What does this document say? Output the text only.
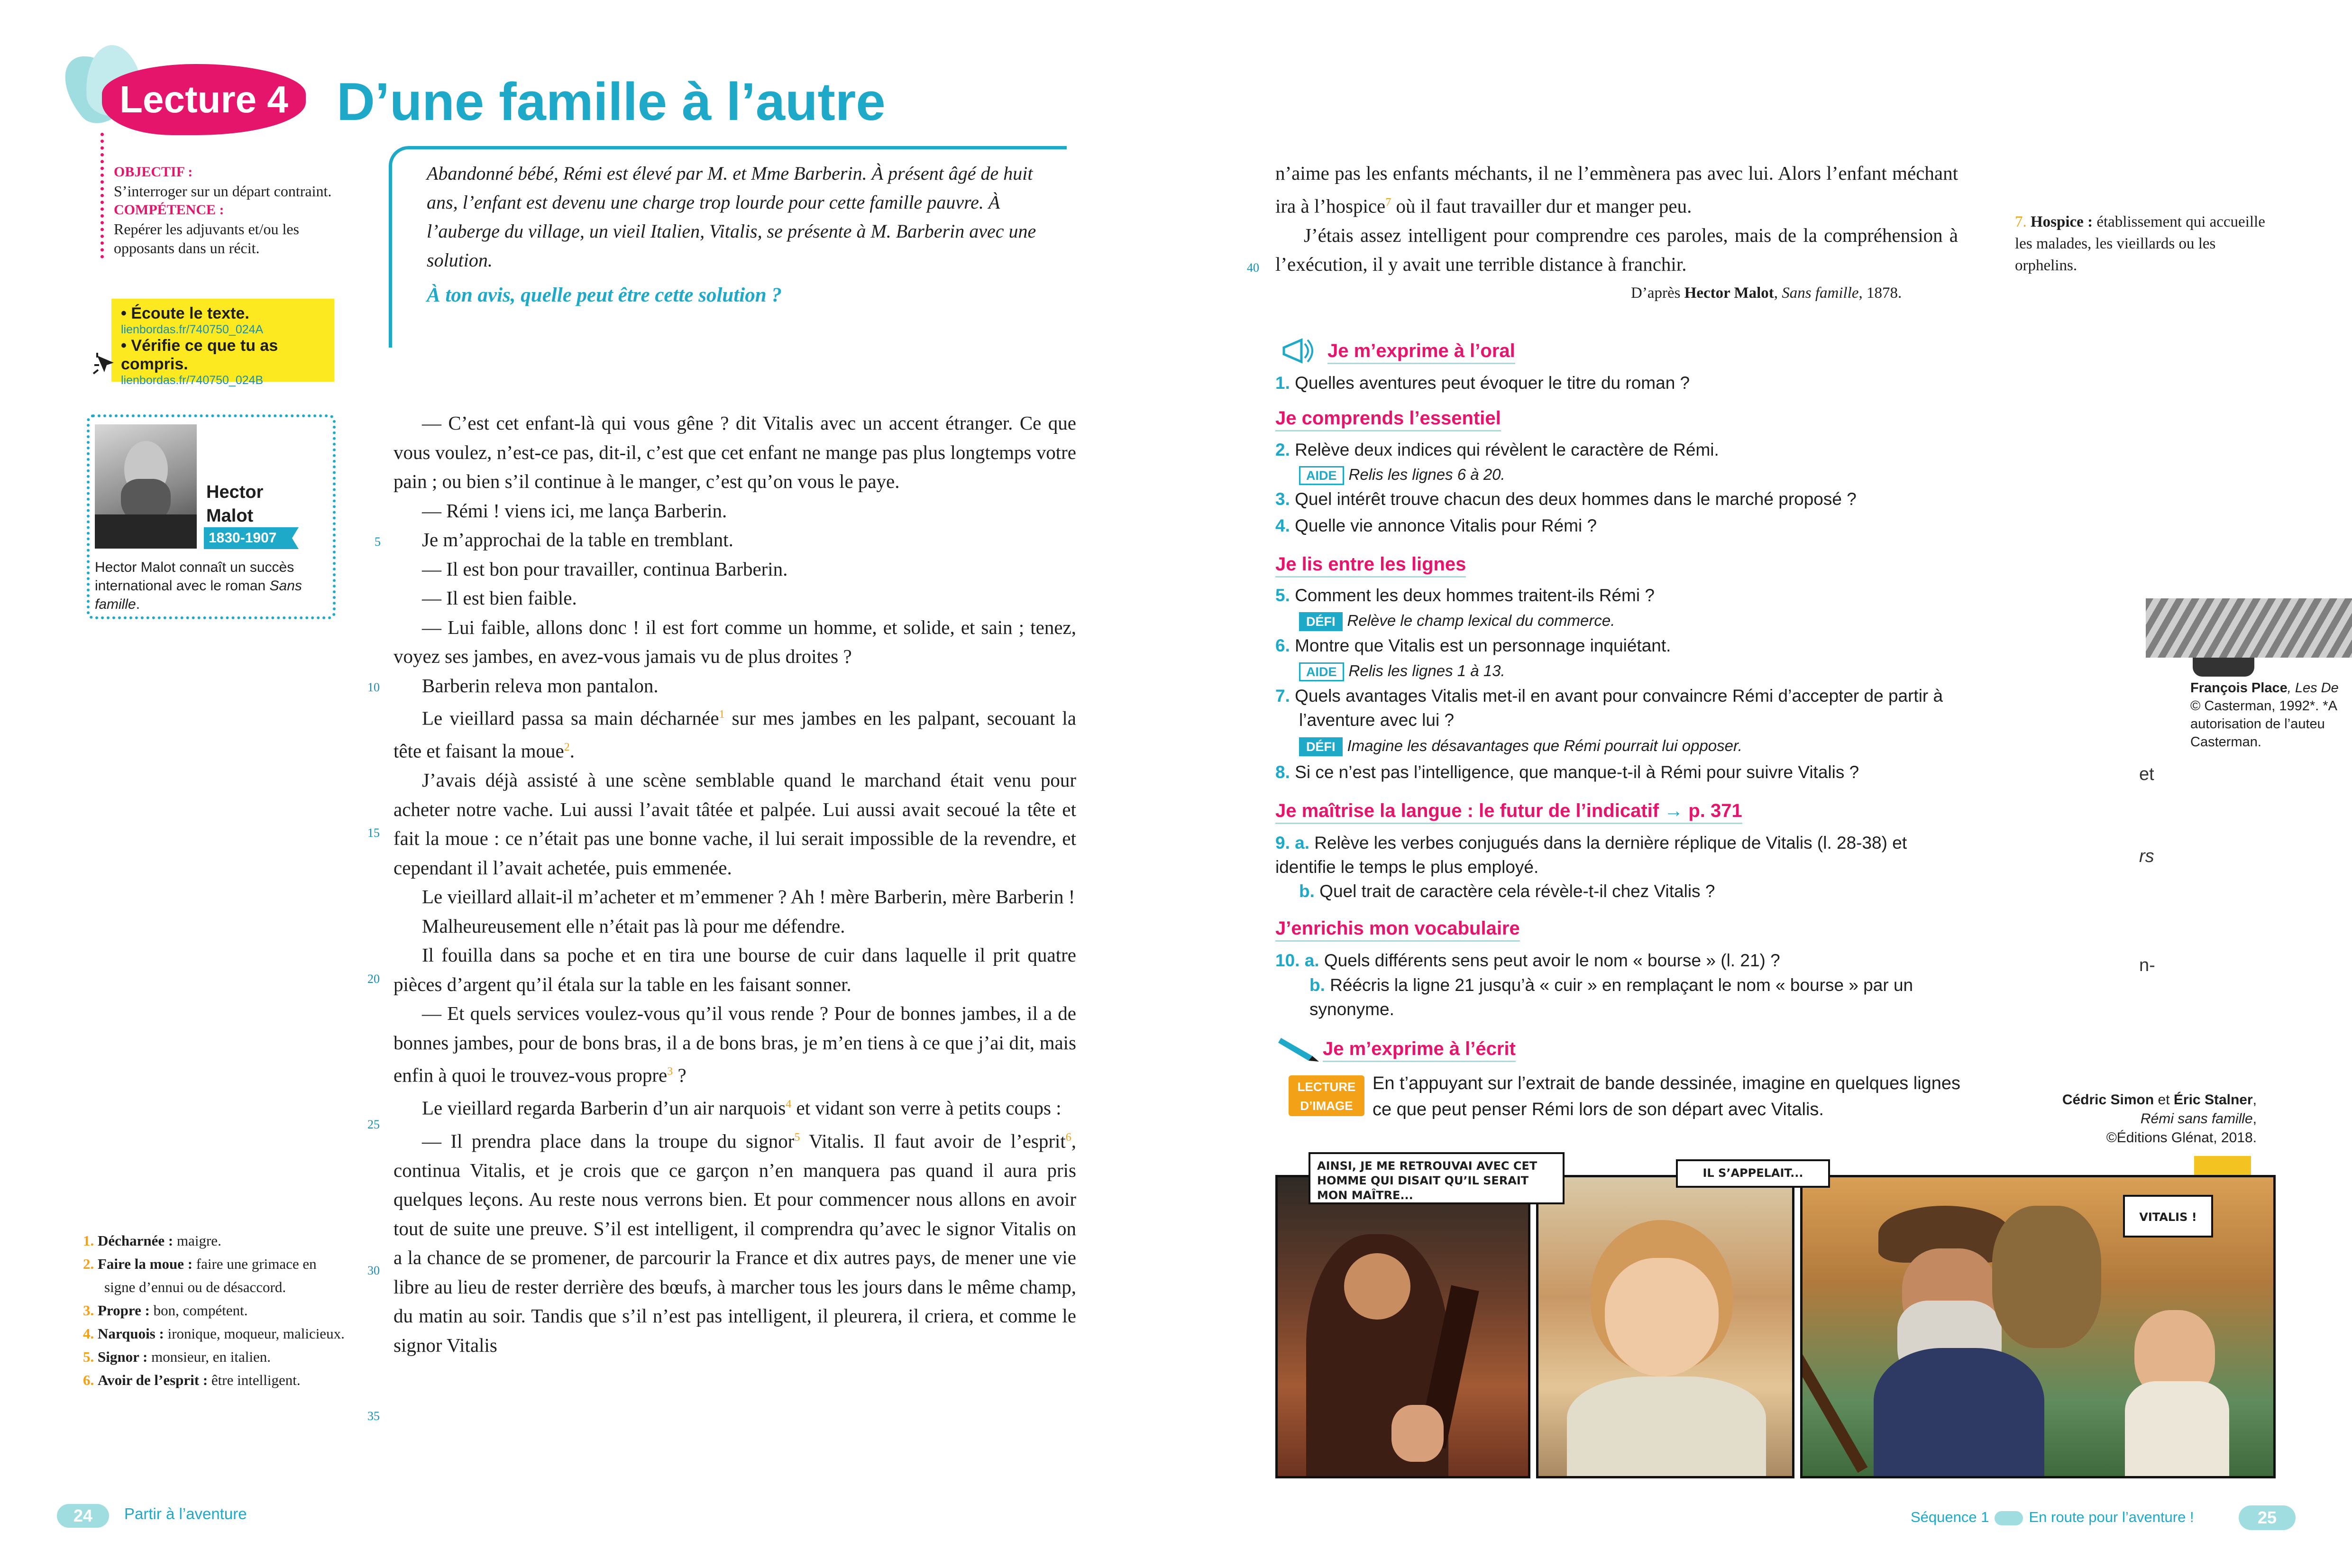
Lecture 4 D’une famille à l’autre
OBJECTIF :
S’interroger sur un départ contraint.
COMPÉTENCE :
Repérer les adjuvants et/ou les opposants dans un récit.
• Écoute le texte.
lienbordas.fr/740750_024A
• Vérifie ce que tu as compris.
lienbordas.fr/740750_024B
Hector Malot
1830-1907
Hector Malot connaît un succès international avec le roman Sans famille.
Abandonné bébé, Rémi est élevé par M. et Mme Barberin. À présent âgé de huit ans, l’enfant est devenu une charge trop lourde pour cette famille pauvre. À l’auberge du village, un vieil Italien, Vitalis, se présente à M. Barberin avec une solution.
À ton avis, quelle peut être cette solution ?

— C’est cet enfant-là qui vous gêne ? dit Vitalis avec un accent étranger. Ce que vous voulez, n’est-ce pas, dit-il, c’est que cet enfant ne mange pas plus longtemps votre pain ; ou bien s’il continue à le manger, c’est qu’on vous le paye.

— Rémi ! viens ici, me lança Barberin.

Je m’approchai de la table en tremblant.

— Il est bon pour travailler, continua Barberin.

— Il est bien faible.

— Lui faible, allons donc ! il est fort comme un homme, et solide, et sain ; tenez, voyez ses jambes, en avez-vous jamais vu de plus droites ?

Barberin releva mon pantalon.

Le vieillard passa sa main décharnée$^1$ sur mes jambes en les palpant, secouant la tête et faisant la moue$^2$.

J’avais déjà assisté à une scène semblable quand le marchand était venu pour acheter notre vache. Lui aussi l’avait tâtée et palpée. Lui aussi avait secoué la tête et fait la moue : ce n’était pas une bonne vache, il lui serait impossible de la revendre, et cependant il l’avait achetée, puis emmenée.

Le vieillard allait-il m’acheter et m’emmener ? Ah ! mère Barberin, mère Barberin !

Malheureusement elle n’était pas là pour me défendre.

Il fouilla dans sa poche et en tira une bourse de cuir dans laquelle il prit quatre pièces d’argent qu’il étala sur la table en les faisant sonner.

— Et quels services voulez-vous qu’il vous rende ? Pour de bonnes jambes, il a de bonnes jambes, pour de bons bras, il a de bons bras, je m’en tiens à ce que j’ai dit, mais enfin à quoi le trouvez-vous propre$^3$ ?

Le vieillard regarda Barberin d’un air narquois$^4$ et vidant son verre à petits coups :

— Il prendra place dans la troupe du signor$^5$ Vitalis. Il faut avoir de l’esprit$^6$, continua Vitalis, et je crois que ce garçon n’en manquera pas quand il aura pris quelques leçons. Au reste nous verrons bien. Et pour commencer nous allons en avoir tout de suite une preuve. S’il est intelligent, il comprendra qu’avec le signor Vitalis on a la chance de se promener, de parcourir la France et dix autres pays, de mener une vie libre au lieu de rester derrière des bœufs, à marcher tous les jours dans le même champ, du matin au soir. Tandis que s’il n’est pas intelligent, il pleurera, il criera, et comme le signor Vitalis

5
10
15
20
25
30
35
1. Décharnée : maigre.
2. Faire la moue : faire une grimace en signe d’ennui ou de désaccord.
3. Propre : bon, compétent.
4. Narquois : ironique, moqueur, malicieux.
5. Signor : monsieur, en italien.
6. Avoir de l’esprit : être intelligent.
24	Partir à l’aventure

n’aime pas les enfants méchants, il ne l’emmènera pas avec lui. Alors l’enfant méchant ira à l’hospice$^7$ où il faut travailler dur et manger peu.

J’étais assez intelligent pour comprendre ces paroles, mais de la compréhension à l’exécution, il y avait une terrible distance à franchir.

40
D’après Hector Malot, Sans famille, 1878.
7. Hospice : établissement qui accueille les malades, les vieillards ou les orphelins.
Je m’exprime à l’oral
1. Quelles aventures peut évoquer le titre du roman ?
Je comprends l’essentiel
2. Relève deux indices qui révèlent le caractère de Rémi.
AIDE Relis les lignes 6 à 20.
3. Quel intérêt trouve chacun des deux hommes dans le marché proposé ?
4. Quelle vie annonce Vitalis pour Rémi ?
Je lis entre les lignes
5. Comment les deux hommes traitent-ils Rémi ?
DÉFI Relève le champ lexical du commerce.
6. Montre que Vitalis est un personnage inquiétant.
AIDE Relis les lignes 1 à 13.
7. Quels avantages Vitalis met-il en avant pour convaincre Rémi d’accepter de partir à l’aventure avec lui ?
DÉFI Imagine les désavantages que Rémi pourrait lui opposer.
8. Si ce n’est pas l’intelligence, que manque-t-il à Rémi pour suivre Vitalis ?
Je maîtrise la langue : le futur de l’indicatif → p. 371
9. a. Relève les verbes conjugués dans la dernière réplique de Vitalis (l. 28-38) et identifie le temps le plus employé.
b. Quel trait de caractère cela révèle-t-il chez Vitalis ?
J’enrichis mon vocabulaire
10. a. Quels différents sens peut avoir le nom « bourse » (l. 21) ?
b. Réécris la ligne 21 jusqu’à « cuir » en remplaçant le nom « bourse » par un synonyme.
Je m’exprime à l’écrit
LECTURE
D’IMAGE
En t’appuyant sur l’extrait de bande dessinée, imagine en quelques lignes ce que peut penser Rémi lors de son départ avec Vitalis.	Cédric Simon et Éric Stalner,
Rémi sans famille,
©Éditions Glénat, 2018.
François Place, Les De
© Casterman, 1992*. *A
autorisation de l’auteu
Casterman.
et
rs
n-
AINSI, JE ME RETROUVAI AVEC CET HOMME QUI DISAIT QU’IL SERAIT MON MAÎTRE...
IL S’APPELAIT...
VITALIS !
Séquence 1	En route pour l’aventure !	25
